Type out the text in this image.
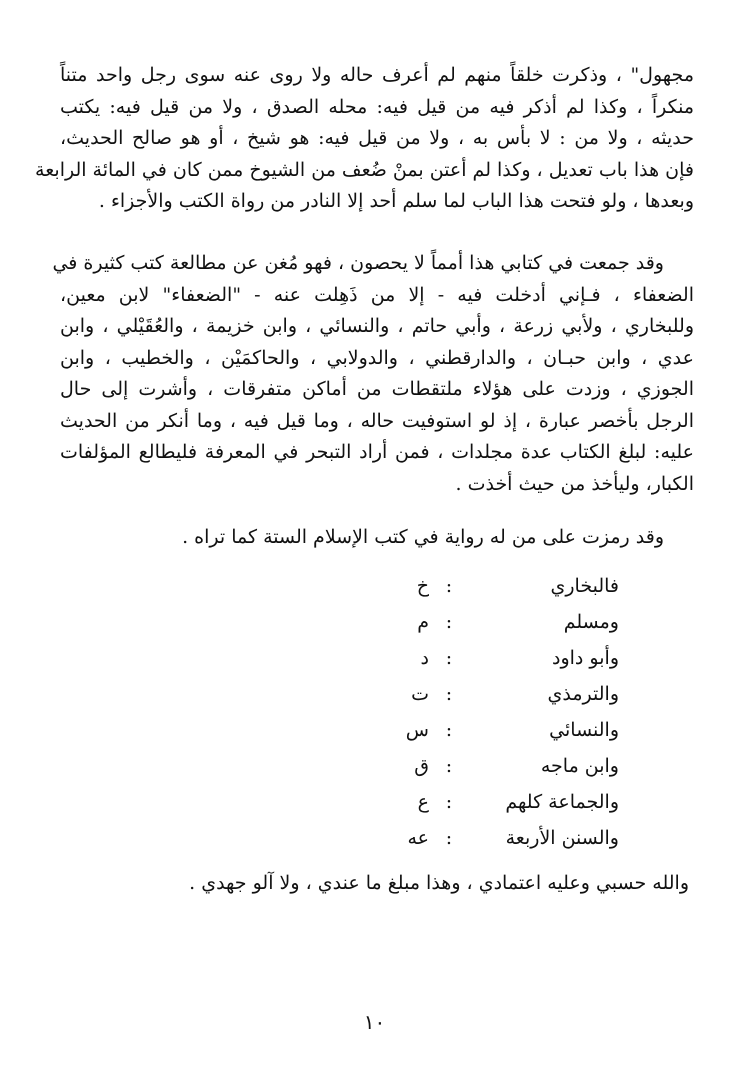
مجهول" ، وذكرت خلقاً منهم لم أعرف حاله ولا روى عنه سوى رجل واحد متناً
منكراً ، وكذا لم أذكر فيه من قيل فيه: محله الصدق ، ولا من قيل فيه: يكتب
حديثه ، ولا من : لا بأس به ، ولا من قيل فيه: هو شيخ ، أو هو صالح الحديث،
فإن هذا باب تعديل ، وكذا لم أعتن بمنْ ضُعف من الشيوخ ممن كان في المائة الرابعة
وبعدها ، ولو فتحت هذا الباب لما سلم أحد إلا النادر من رواة الكتب والأجزاء .
وقد جمعت في كتابي هذا أمماً لا يحصون ، فهو مُغن عن مطالعة كتب كثيرة في
الضعفاء ، فـإني أدخلت فيه - إلا من ذَهِلت عنه - "الضعفاء" لابن معين،
وللبخاري ، ولأبي زرعة ، وأبي حاتم ، والنسائي ، وابن خزيمة ، والعُقَيْلي ، وابن
عدي ، وابن حبـان ، والدارقطني ، والدولابي ، والحاكمَيْن ، والخطيب ، وابن
الجوزي ، وزدت على هؤلاء ملتقطات من أماكن متفرقات ، وأشرت إلى حال
الرجل بأخصر عبارة ، إذ لو استوفيت حاله ، وما قيل فيه ، وما أنكر من الحديث
عليه: لبلغ الكتاب عدة مجلدات ، فمن أراد التبحر في المعرفة فليطالع المؤلفات
الكبار، وليأخذ من حيث أخذت .
وقد رمزت على من له رواية في كتب الإسلام الستة كما تراه .
فالبخاري
:
خ
ومسلم
:
م
وأبو داود
:
د
والترمذي
:
ت
والنسائي
:
س
وابن ماجه
:
ق
والجماعة كلهم
:
ع
والسنن الأربعة
:
عه
والله حسبي وعليه اعتمادي ، وهذا مبلغ ما عندي ، ولا آلو جهدي .
١٠
